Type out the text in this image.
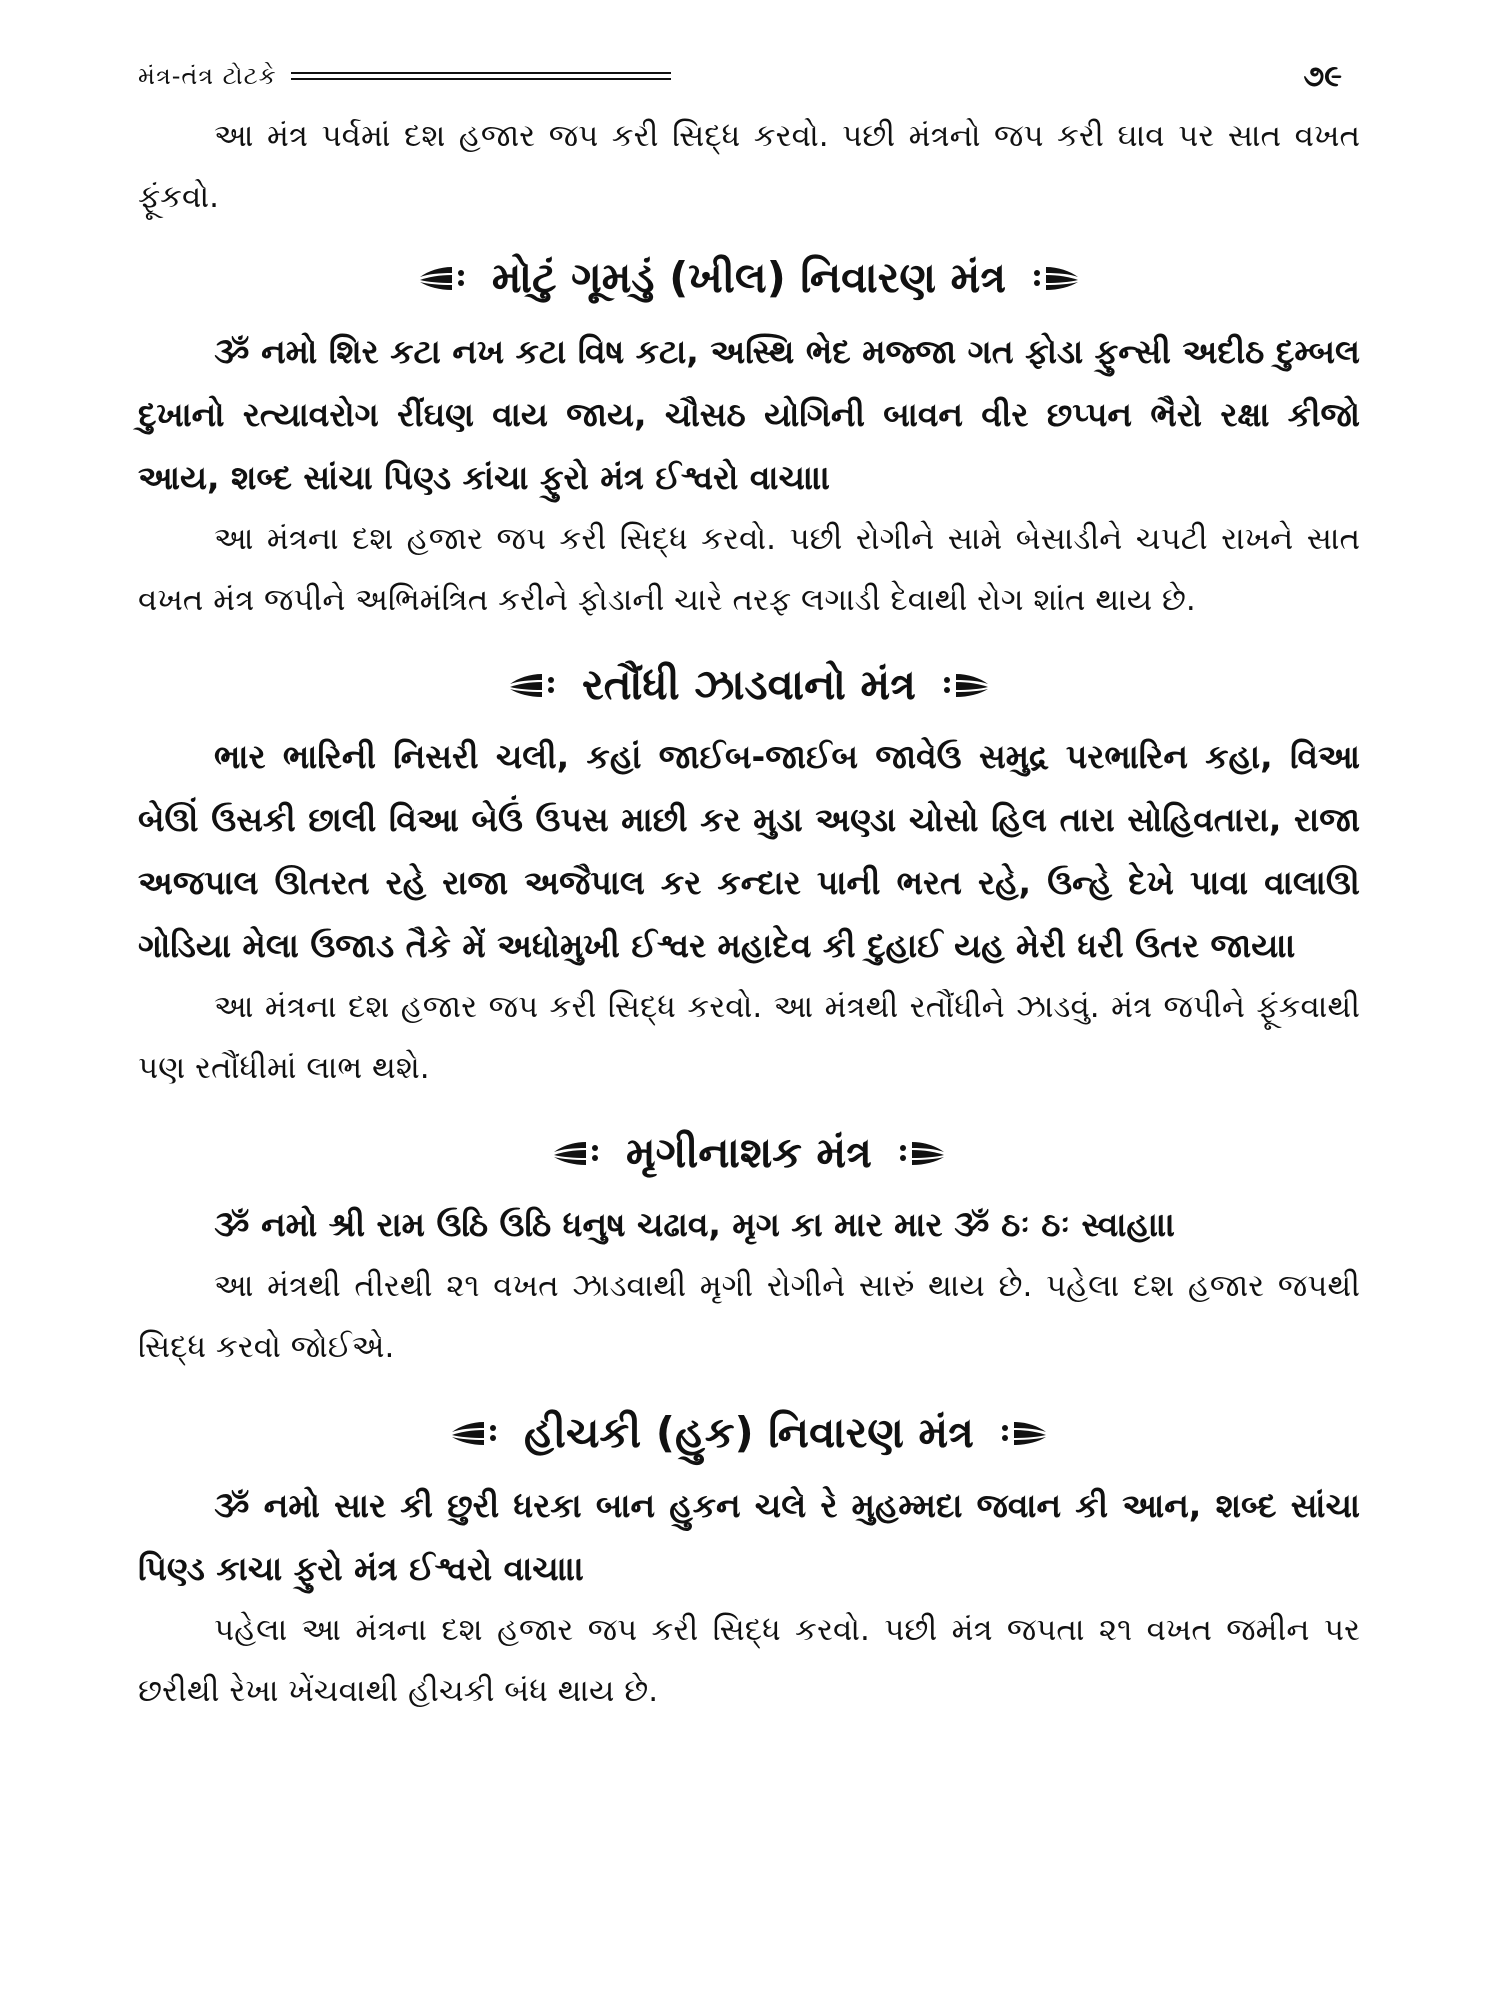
મંત્ર-તંત્ર ટોટકે	૭૯

આ મંત્ર પર્વમાં દશ હજાર જપ કરી સિદ્ધ કરવો. પછી મંત્રનો જપ કરી ઘાવ પર સાત વખત ફૂંકવો.

મોટું ગૂમડું (ખીલ) નિવારણ મંત્ર

ૐ નમો શિર કટા નખ કટા વિષ કટા, અસ્થિ ભેદ મજ્જા ગત ફોડા ફુન્સી અદીઠ દુમ્બલ દુખાનો રત્યાવરોગ રીંઘણ વાય જાય, ચૌસઠ યોગિની બાવન વીર છપ્પન ભૈરો રક્ષા કીજો આય, શબ્દ સાંચા પિણ્ડ કાંચા ફુરો મંત્ર ઈશ્વરો વાચા।।

આ મંત્રના દશ હજાર જપ કરી સિદ્ધ કરવો. પછી રોગીને સામે બેસાડીને ચપટી રાખને સાત વખત મંત્ર જપીને અભિમંત્રિત કરીને ફોડાની ચારે તરફ લગાડી દેવાથી રોગ શાંત થાય છે.

રતૌંધી ઝાડવાનો મંત્ર

ભાર ભારિની નિસરી ચલી, કહાં જાઈબ-જાઈબ જાવેઉ સમુદ્ર પરભારિન કહા, વિઆ બેઊં ઉસકી છાલી વિઆ બેઉં ઉપસ માછી કર મુડા અણ્ડા ચોસો હિલ તારા સોહિવતારા, રાજા અજપાલ ઊતરત રહે રાજા અજૈપાલ કર કન્દાર પાની ભરત રહે, ઉન્હે દેખે પાવા વાલાઊ ગોડિયા મેલા ઉજાડ તૈકે મેં અધોમુખી ઈશ્વર મહાદેવ કી દુહાઈ યહ મેરી ધરી ઉતર જાય।।

આ મંત્રના દશ હજાર જપ કરી સિદ્ધ કરવો. આ મંત્રથી રતૌંધીને ઝાડવું. મંત્ર જપીને ફૂંકવાથી પણ રતૌંધીમાં લાભ થશે.

મૃગીનાશક મંત્ર

ૐ નમો શ્રી રામ ઉઠિ ઉઠિ ધનુષ ચઢાવ, મૃગ કા માર માર ૐ ઠઃ ઠઃ સ્વાહા।।

આ મંત્રથી તીરથી ૨૧ વખત ઝાડવાથી મૃગી રોગીને સારું થાય છે. પહેલા દશ હજાર જપથી સિદ્ધ કરવો જોઈએ.

હીચકી (હુક) નિવારણ મંત્ર

ૐ નમો સાર કી છુરી ધરકા બાન હુકન ચલે રે મુહમ્મદા જવાન કી આન, શબ્દ સાંચા પિણ્ડ કાચા ફુરો મંત્ર ઈશ્વરો વાચા।।

પહેલા આ મંત્રના દશ હજાર જપ કરી સિદ્ધ કરવો. પછી મંત્ર જપતા ૨૧ વખત જમીન પર છરીથી રેખા ખેંચવાથી હીચકી બંધ થાય છે.
